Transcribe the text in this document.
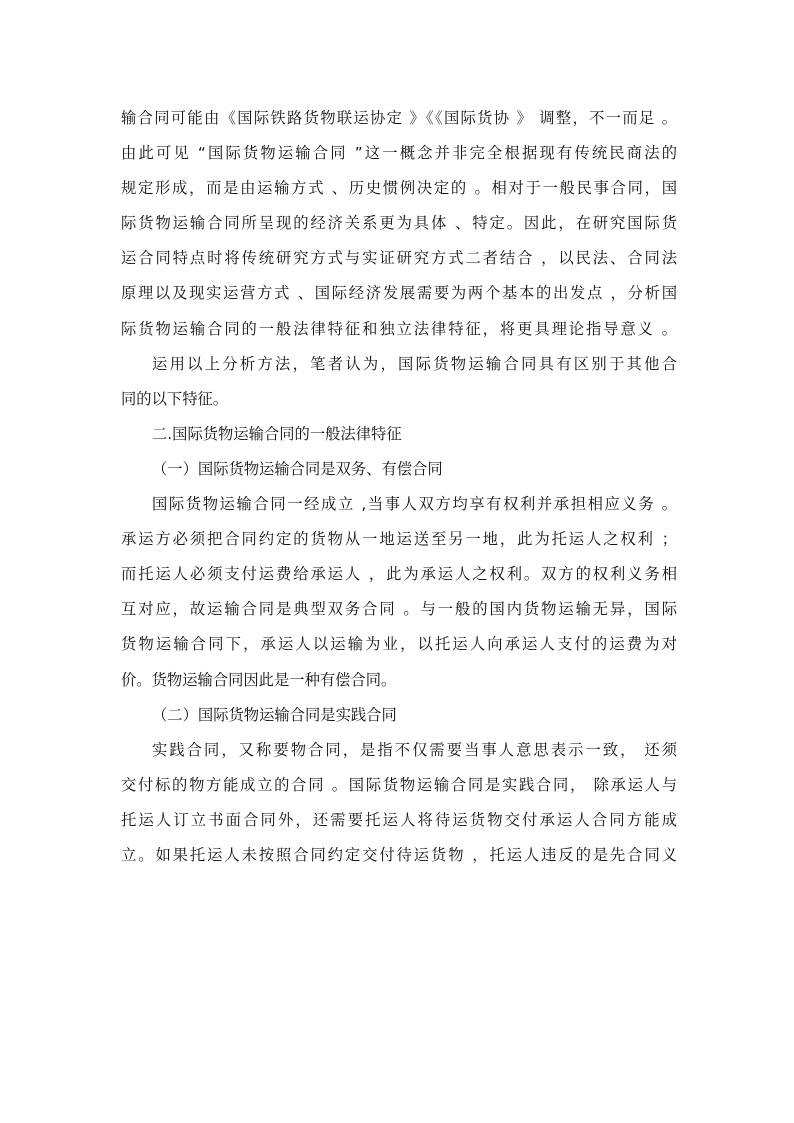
输合同可能由《国际铁路货物联运协定 》《《国际货协 》 调整，不一而足 。
由此可见 “国际货物运输合同 ”这一概念并非完全根据现有传统民商法的
规定形成，而是由运输方式 、历史惯例决定的 。相对于一般民事合同，国
际货物运输合同所呈现的经济关系更为具体 、特定。因此，在研究国际货
运合同特点时将传统研究方式与实证研究方式二者结合 ，以民法、合同法
原理以及现实运营方式 、国际经济发展需要为两个基本的出发点 ，分析国
际货物运输合同的一般法律特征和独立法律特征，将更具理论指导意义 。
运用以上分析方法，笔者认为，国际货物运输合同具有区别于其他合
同的以下特征。
二.国际货物运输合同的一般法律特征
（一）国际货物运输合同是双务、有偿合同
国际货物运输合同一经成立 ,当事人双方均享有权利并承担相应义务 。
承运方必须把合同约定的货物从一地运送至另一地，此为托运人之权利 ；
而托运人必须支付运费给承运人 ，此为承运人之权利。双方的权利义务相
互对应，故运输合同是典型双务合同 。与一般的国内货物运输无异，国际
货物运输合同下，承运人以运输为业，以托运人向承运人支付的运费为对
价。货物运输合同因此是一种有偿合同。
（二）国际货物运输合同是实践合同
实践合同，又称要物合同，是指不仅需要当事人意思表示一致， 还须
交付标的物方能成立的合同 。国际货物运输合同是实践合同， 除承运人与
托运人订立书面合同外，还需要托运人将待运货物交付承运人合同方能成
立。如果托运人未按照合同约定交付待运货物 ，托运人违反的是先合同义
